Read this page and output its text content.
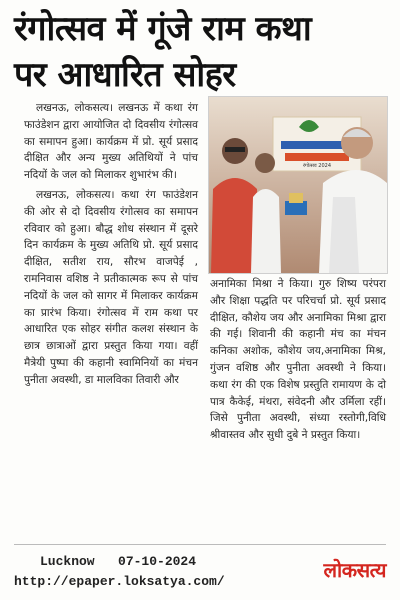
रंगोत्सव में गूंजे राम कथा
पर आधारित सोहर

लखनऊ, लोकसत्य। लखनऊ में कथा रंग फाउंडेशन द्वारा आयोजित दो दिवसीय रंगोत्सव का समापन हुआ। कार्यक्रम में प्रो. सूर्य प्रसाद दीक्षित और अन्य मुख्य अतिथियों ने पांच नदियों के जल को मिलाकर शुभारंभ की।

लखनऊ, लोकसत्य। कथा रंग फाउंडेशन की ओर से दो दिवसीय रंगोत्सव का समापन रविवार को हुआ। बौद्ध शोध संस्थान में दूसरे दिन कार्यक्रम के मुख्य अतिथि प्रो. सूर्य प्रसाद दीक्षित, सतीश राय, सौरभ वाजपेई , रामनिवास वशिष्ठ ने प्रतीकात्मक रूप से पांच नदियों के जल को सागर में मिलाकर कार्यक्रम का प्रारंभ किया। रंगोत्सव में राम कथा पर आधारित एक सोहर संगीत कलश संस्थान के छात्र छात्राओं द्वारा प्रस्तुत किया गया। वहीं मैत्रेयी पुष्पा की कहानी स्वामिनियों का मंचन पुनीता अवस्थी, डा मालविका तिवारी और

रंगोत्सव 2024

अनामिका मिश्रा ने किया। गुरु शिष्य परंपरा और शिक्षा पद्धति पर परिचर्चा प्रो. सूर्य प्रसाद दीक्षित, कौशेय जय और अनामिका मिश्रा द्वारा की गई। शिवानी की कहानी मंच का मंचन कनिका अशोक, कौशेय जय,अनामिका मिश्र, गुंजन वशिष्ठ और पुनीता अवस्थी ने किया। कथा रंग की एक विशेष प्रस्तुति रामायण के दो पात्र कैकेई, मंथरा, संवेदनी और उर्मिला रहीं। जिसे पुनीता अवस्थी, संध्या रस्तोगी,विधि श्रीवास्तव और सुधी दुबे ने प्रस्तुत किया।

Lucknow 07-10-2024
http://epaper.loksatya.com/	लोकसत्य
